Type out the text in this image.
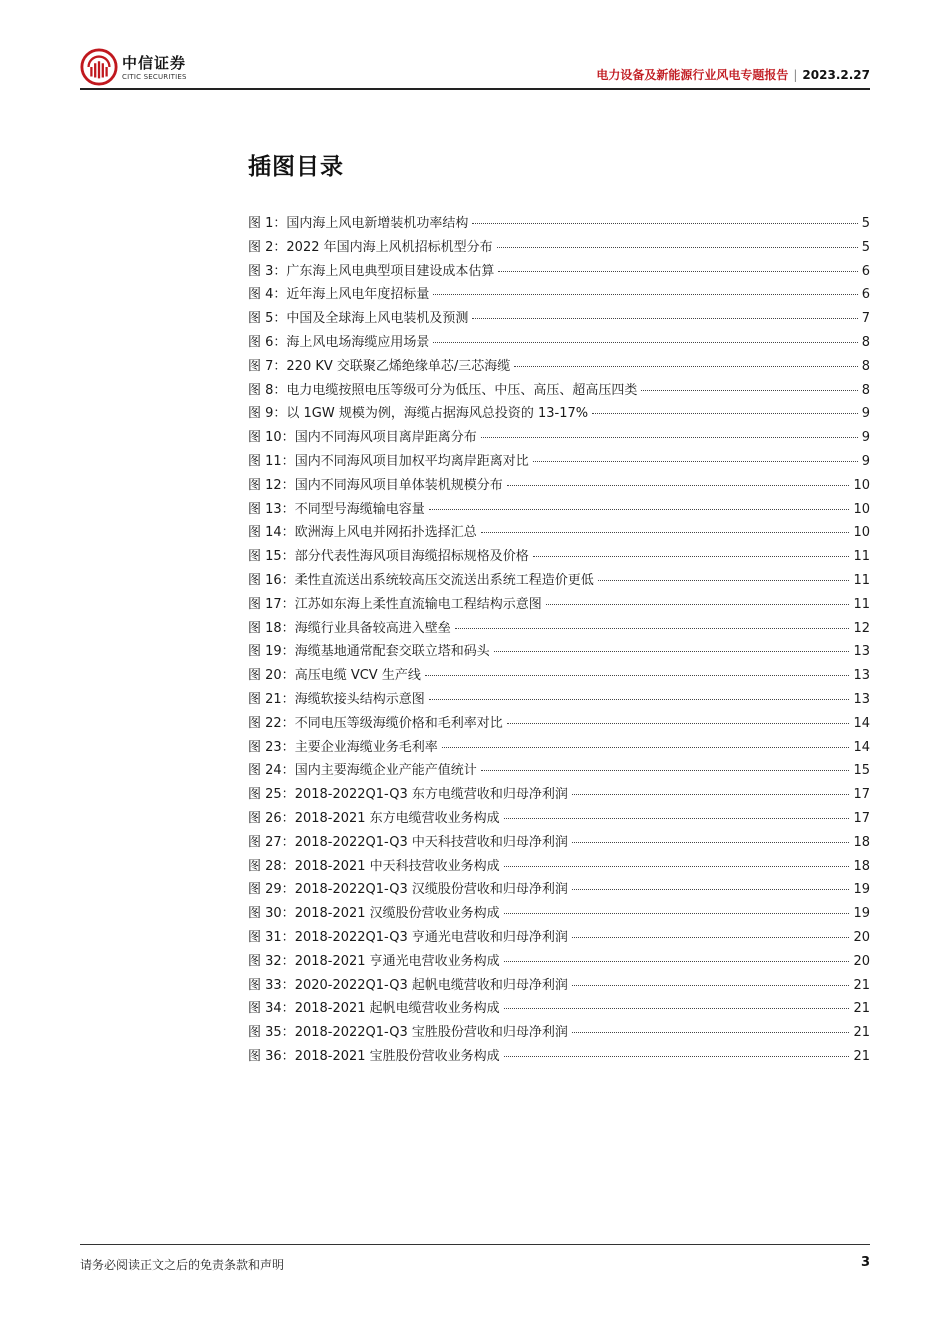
中信证券
CITIC SECURITIES	电力设备及新能源行业风电专题报告 | 2023.2.27
插图目录
图 1： 国内海上风电新增装机功率结构	5
图 2： 2022 年国内海上风机招标机型分布	5
图 3： 广东海上风电典型项目建设成本估算	6
图 4： 近年海上风电年度招标量	6
图 5： 中国及全球海上风电装机及预测	7
图 6： 海上风电场海缆应用场景	8
图 7： 220 KV 交联聚乙烯绝缘单芯/三芯海缆	8
图 8： 电力电缆按照电压等级可分为低压、中压、高压、超高压四类	8
图 9： 以 1GW 规模为例，海缆占据海风总投资的 13-17%	9
图 10： 国内不同海风项目离岸距离分布	9
图 11： 国内不同海风项目加权平均离岸距离对比	9
图 12： 国内不同海风项目单体装机规模分布	10
图 13： 不同型号海缆输电容量	10
图 14： 欧洲海上风电并网拓扑选择汇总	10
图 15： 部分代表性海风项目海缆招标规格及价格	11
图 16： 柔性直流送出系统较高压交流送出系统工程造价更低	11
图 17： 江苏如东海上柔性直流输电工程结构示意图	11
图 18： 海缆行业具备较高进入壁垒	12
图 19： 海缆基地通常配套交联立塔和码头	13
图 20： 高压电缆 VCV 生产线	13
图 21： 海缆软接头结构示意图	13
图 22： 不同电压等级海缆价格和毛利率对比	14
图 23： 主要企业海缆业务毛利率	14
图 24： 国内主要海缆企业产能产值统计	15
图 25： 2018-2022Q1-Q3 东方电缆营收和归母净利润	17
图 26： 2018-2021 东方电缆营收业务构成	17
图 27： 2018-2022Q1-Q3 中天科技营收和归母净利润	18
图 28： 2018-2021 中天科技营收业务构成	18
图 29： 2018-2022Q1-Q3 汉缆股份营收和归母净利润	19
图 30： 2018-2021 汉缆股份营收业务构成	19
图 31： 2018-2022Q1-Q3 亨通光电营收和归母净利润	20
图 32： 2018-2021 亨通光电营收业务构成	20
图 33： 2020-2022Q1-Q3 起帆电缆营收和归母净利润	21
图 34： 2018-2021 起帆电缆营收业务构成	21
图 35： 2018-2022Q1-Q3 宝胜股份营收和归母净利润	21
图 36： 2018-2021 宝胜股份营收业务构成	21
请务必阅读正文之后的免责条款和声明	3
